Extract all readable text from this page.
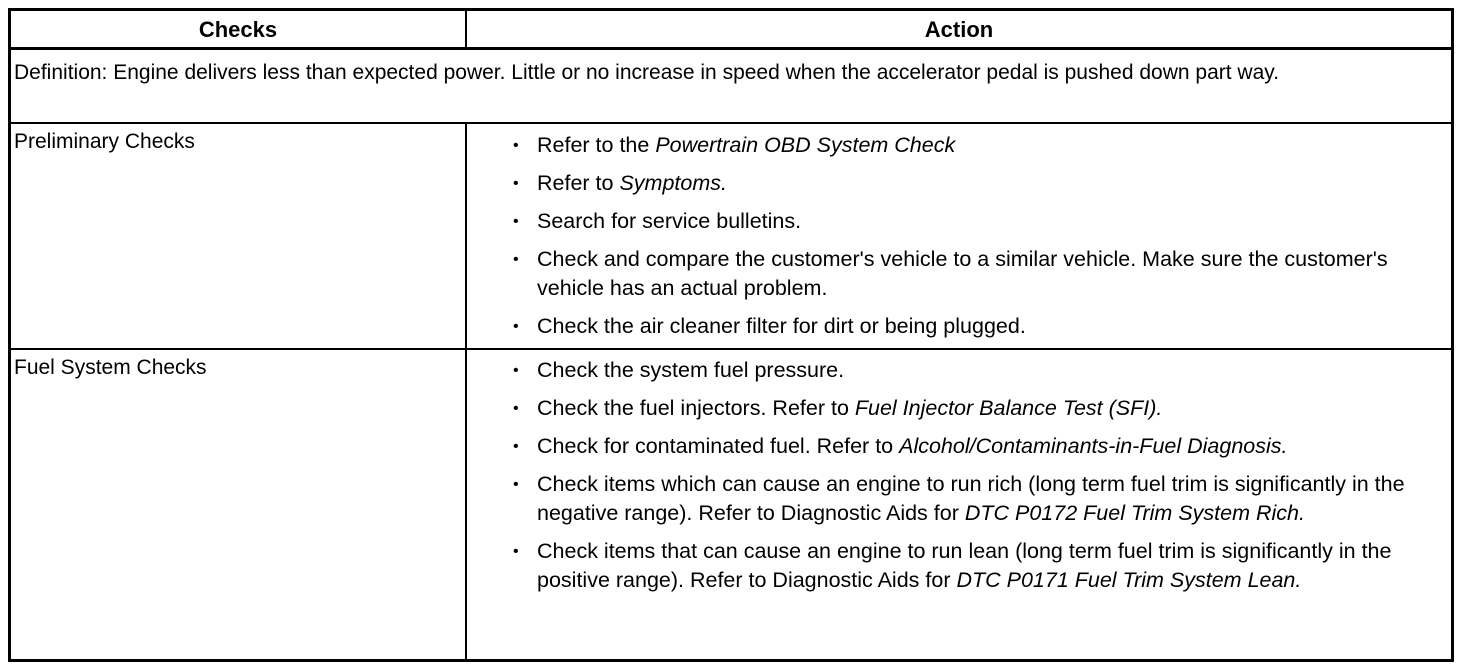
Checks	Action
Definition: Engine delivers less than expected power. Little or no increase in speed when the accelerator pedal is pushed down part way.
Preliminary Checks
Fuel System Checks
• Refer to the Powertrain OBD System Check
• Refer to Symptoms.
• Search for service bulletins.
• Check and compare the customer's vehicle to a similar vehicle. Make sure the customer's vehicle has an actual problem.
• Check the air cleaner filter for dirt or being plugged.
• Check the system fuel pressure.
• Check the fuel injectors. Refer to Fuel Injector Balance Test (SFI).
• Check for contaminated fuel. Refer to Alcohol/Contaminants-in-Fuel Diagnosis.
• Check items which can cause an engine to run rich (long term fuel trim is significantly in the negative range). Refer to Diagnostic Aids for DTC P0172 Fuel Trim System Rich.
• Check items that can cause an engine to run lean (long term fuel trim is significantly in the positive range). Refer to Diagnostic Aids for DTC P0171 Fuel Trim System Lean.
